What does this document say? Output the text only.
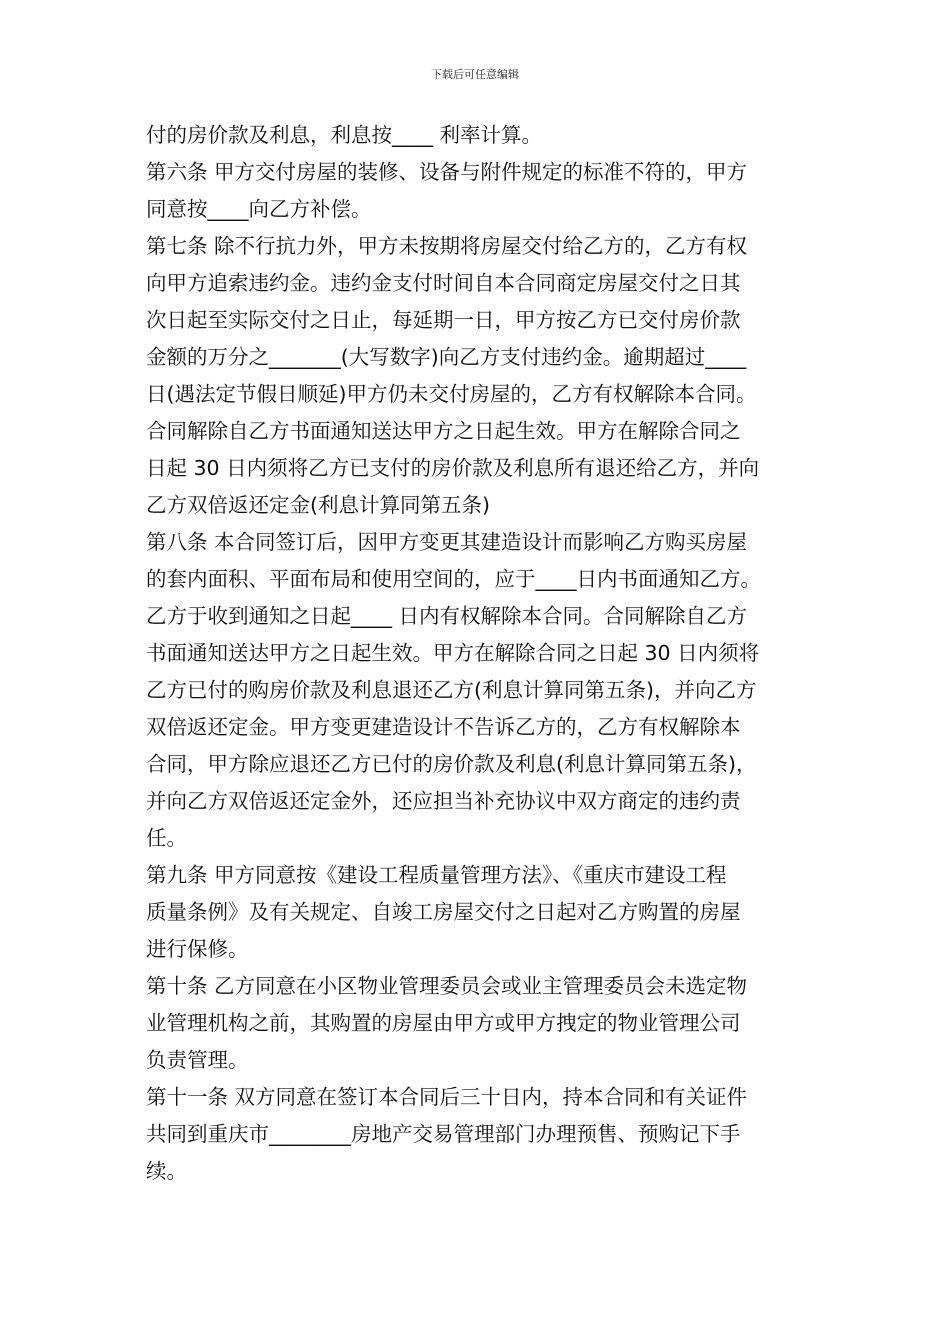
下载后可任意编辑
付的房价款及利息，利息按____ 利率计算。
第六条 甲方交付房屋的装修、设备与附件规定的标准不符的，甲方
同意按____向乙方补偿。
第七条 除不行抗力外，甲方未按期将房屋交付给乙方的，乙方有权
向甲方追索违约金。违约金支付时间自本合同商定房屋交付之日其
次日起至实际交付之日止，每延期一日，甲方按乙方已交付房价款
金额的万分之_______(大写数字)向乙方支付违约金。逾期超过____
日(遇法定节假日顺延)甲方仍未交付房屋的，乙方有权解除本合同。
合同解除自乙方书面通知送达甲方之日起生效。甲方在解除合同之
日起 30 日内须将乙方已支付的房价款及利息所有退还给乙方，并向
乙方双倍返还定金(利息计算同第五条)
第八条 本合同签订后，因甲方变更其建造设计而影响乙方购买房屋
的套内面积、平面布局和使用空间的，应于____日内书面通知乙方。
乙方于收到通知之日起____ 日内有权解除本合同。合同解除自乙方
书面通知送达甲方之日起生效。甲方在解除合同之日起 30 日内须将
乙方已付的购房价款及利息退还乙方(利息计算同第五条)，并向乙方
双倍返还定金。甲方变更建造设计不告诉乙方的，乙方有权解除本
合同，甲方除应退还乙方已付的房价款及利息(利息计算同第五条)，
并向乙方双倍返还定金外，还应担当补充协议中双方商定的违约责
任。
第九条 甲方同意按《建设工程质量管理方法》、《重庆市建设工程
质量条例》及有关规定、自竣工房屋交付之日起对乙方购置的房屋
进行保修。
第十条 乙方同意在小区物业管理委员会或业主管理委员会未选定物
业管理机构之前，其购置的房屋由甲方或甲方拽定的物业管理公司
负责管理。
第十一条 双方同意在签订本合同后三十日内，持本合同和有关证件
共同到重庆市________房地产交易管理部门办理预售、预购记下手
续。
